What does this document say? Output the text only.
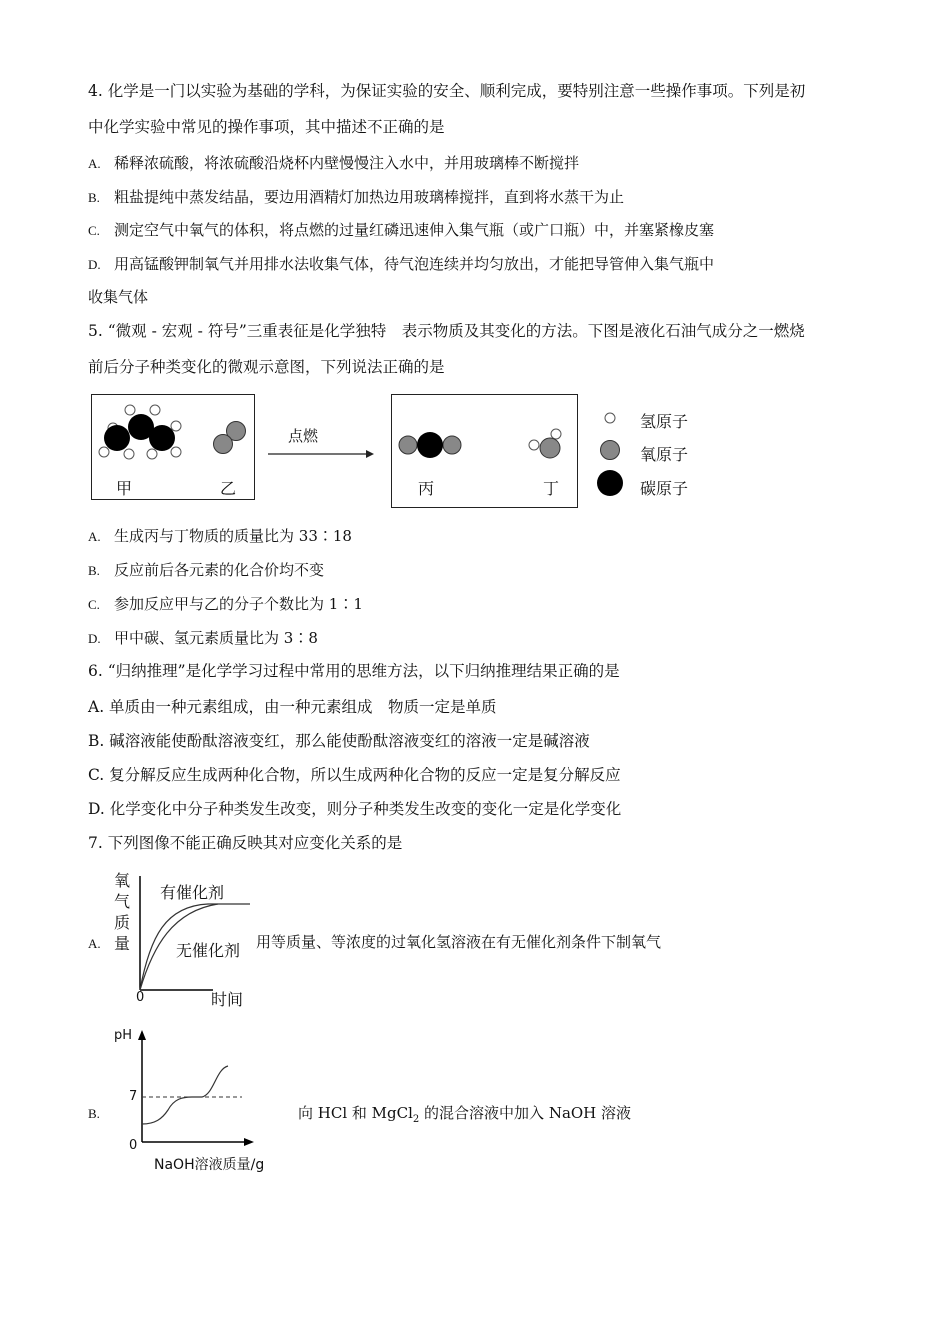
4. 化学是一门以实验为基础的学科，为保证实验的安全、顺利完成，要特别注意一些操作事项。下列是初
中化学实验中常见的操作事项，其中描述不正确的是
A. 稀释浓硫酸，将浓硫酸沿烧杯内壁慢慢注入水中，并用玻璃棒不断搅拌
B. 粗盐提纯中蒸发结晶，要边用酒精灯加热边用玻璃棒搅拌，直到将水蒸干为止
C. 测定空气中氧气的体积，将点燃的过量红磷迅速伸入集气瓶（或广口瓶）中，并塞紧橡皮塞
D. 用高锰酸钾制氧气并用排水法收集气体，待气泡连续并均匀放出，才能把导管伸入集气瓶中
收集气体
5. “微观 - 宏观 - 符号”三重表征是化学独特　表示物质及其变化的方法。下图是液化石油气成分之一燃烧
前后分子种类变化的微观示意图，下列说法正确的是
点燃
甲	乙	丙	丁
氢原子
氧原子
碳原子
A. 生成丙与丁物质的质量比为 33∶18
B. 反应前后各元素的化合价均不变
C. 参加反应甲与乙的分子个数比为 1∶1
D. 甲中碳、氢元素质量比为 3∶8
6. “归纳推理”是化学学习过程中常用的思维方法，以下归纳推理结果正确的是
A. 单质由一种元素组成，由一种元素组成　物质一定是单质
B. 碱溶液能使酚酞溶液变红，那么能使酚酞溶液变红的溶液一定是碱溶液
C. 复分解反应生成两种化合物，所以生成两种化合物的反应一定是复分解反应
D. 化学变化中分子种类发生改变，则分子种类发生改变的变化一定是化学变化
7. 下列图像不能正确反映其对应变化关系的是
A.
氧
气
质
量
有催化剂
无催化剂
0	时间
用等质量、等浓度的过氧化氢溶液在有无催化剂条件下制氧气
B.
pH
7
0
NaOH溶液质量/g
向 HCl 和 MgCl$_2$ 的混合溶液中加入 NaOH 溶液
